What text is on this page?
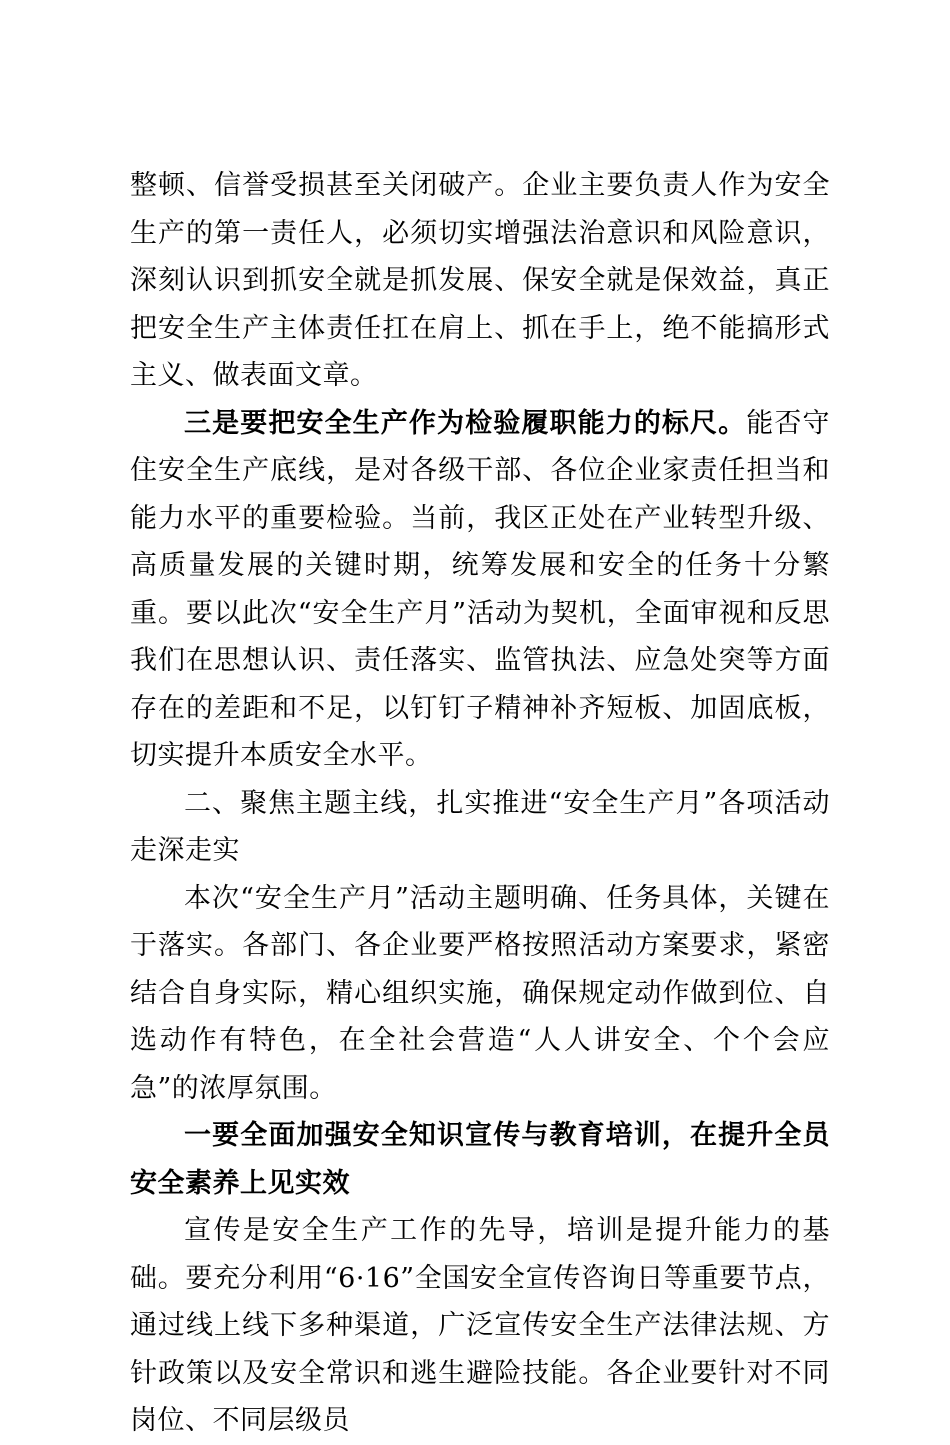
整顿、信誉受损甚至关闭破产。企业主要负责人作为安全生产的第一责任人，必须切实增强法治意识和风险意识，深刻认识到抓安全就是抓发展、保安全就是保效益，真正把安全生产主体责任扛在肩上、抓在手上，绝不能搞形式主义、做表面文章。

三是要把安全生产作为检验履职能力的标尺。能否守住安全生产底线，是对各级干部、各位企业家责任担当和能力水平的重要检验。当前，我区正处在产业转型升级、高质量发展的关键时期，统筹发展和安全的任务十分繁重。要以此次“安全生产月”活动为契机，全面审视和反思我们在思想认识、责任落实、监管执法、应急处突等方面存在的差距和不足，以钉钉子精神补齐短板、加固底板，切实提升本质安全水平。

二、聚焦主题主线，扎实推进“安全生产月”各项活动走深走实

本次“安全生产月”活动主题明确、任务具体，关键在于落实。各部门、各企业要严格按照活动方案要求，紧密结合自身实际，精心组织实施，确保规定动作做到位、自选动作有特色，在全社会营造“人人讲安全、个个会应急”的浓厚氛围。

一要全面加强安全知识宣传与教育培训，在提升全员安全素养上见实效

宣传是安全生产工作的先导，培训是提升能力的基础。要充分利用“6·16”全国安全宣传咨询日等重要节点，通过线上线下多种渠道，广泛宣传安全生产法律法规、方针政策以及安全常识和逃生避险技能。各企业要针对不同岗位、不同层级员
